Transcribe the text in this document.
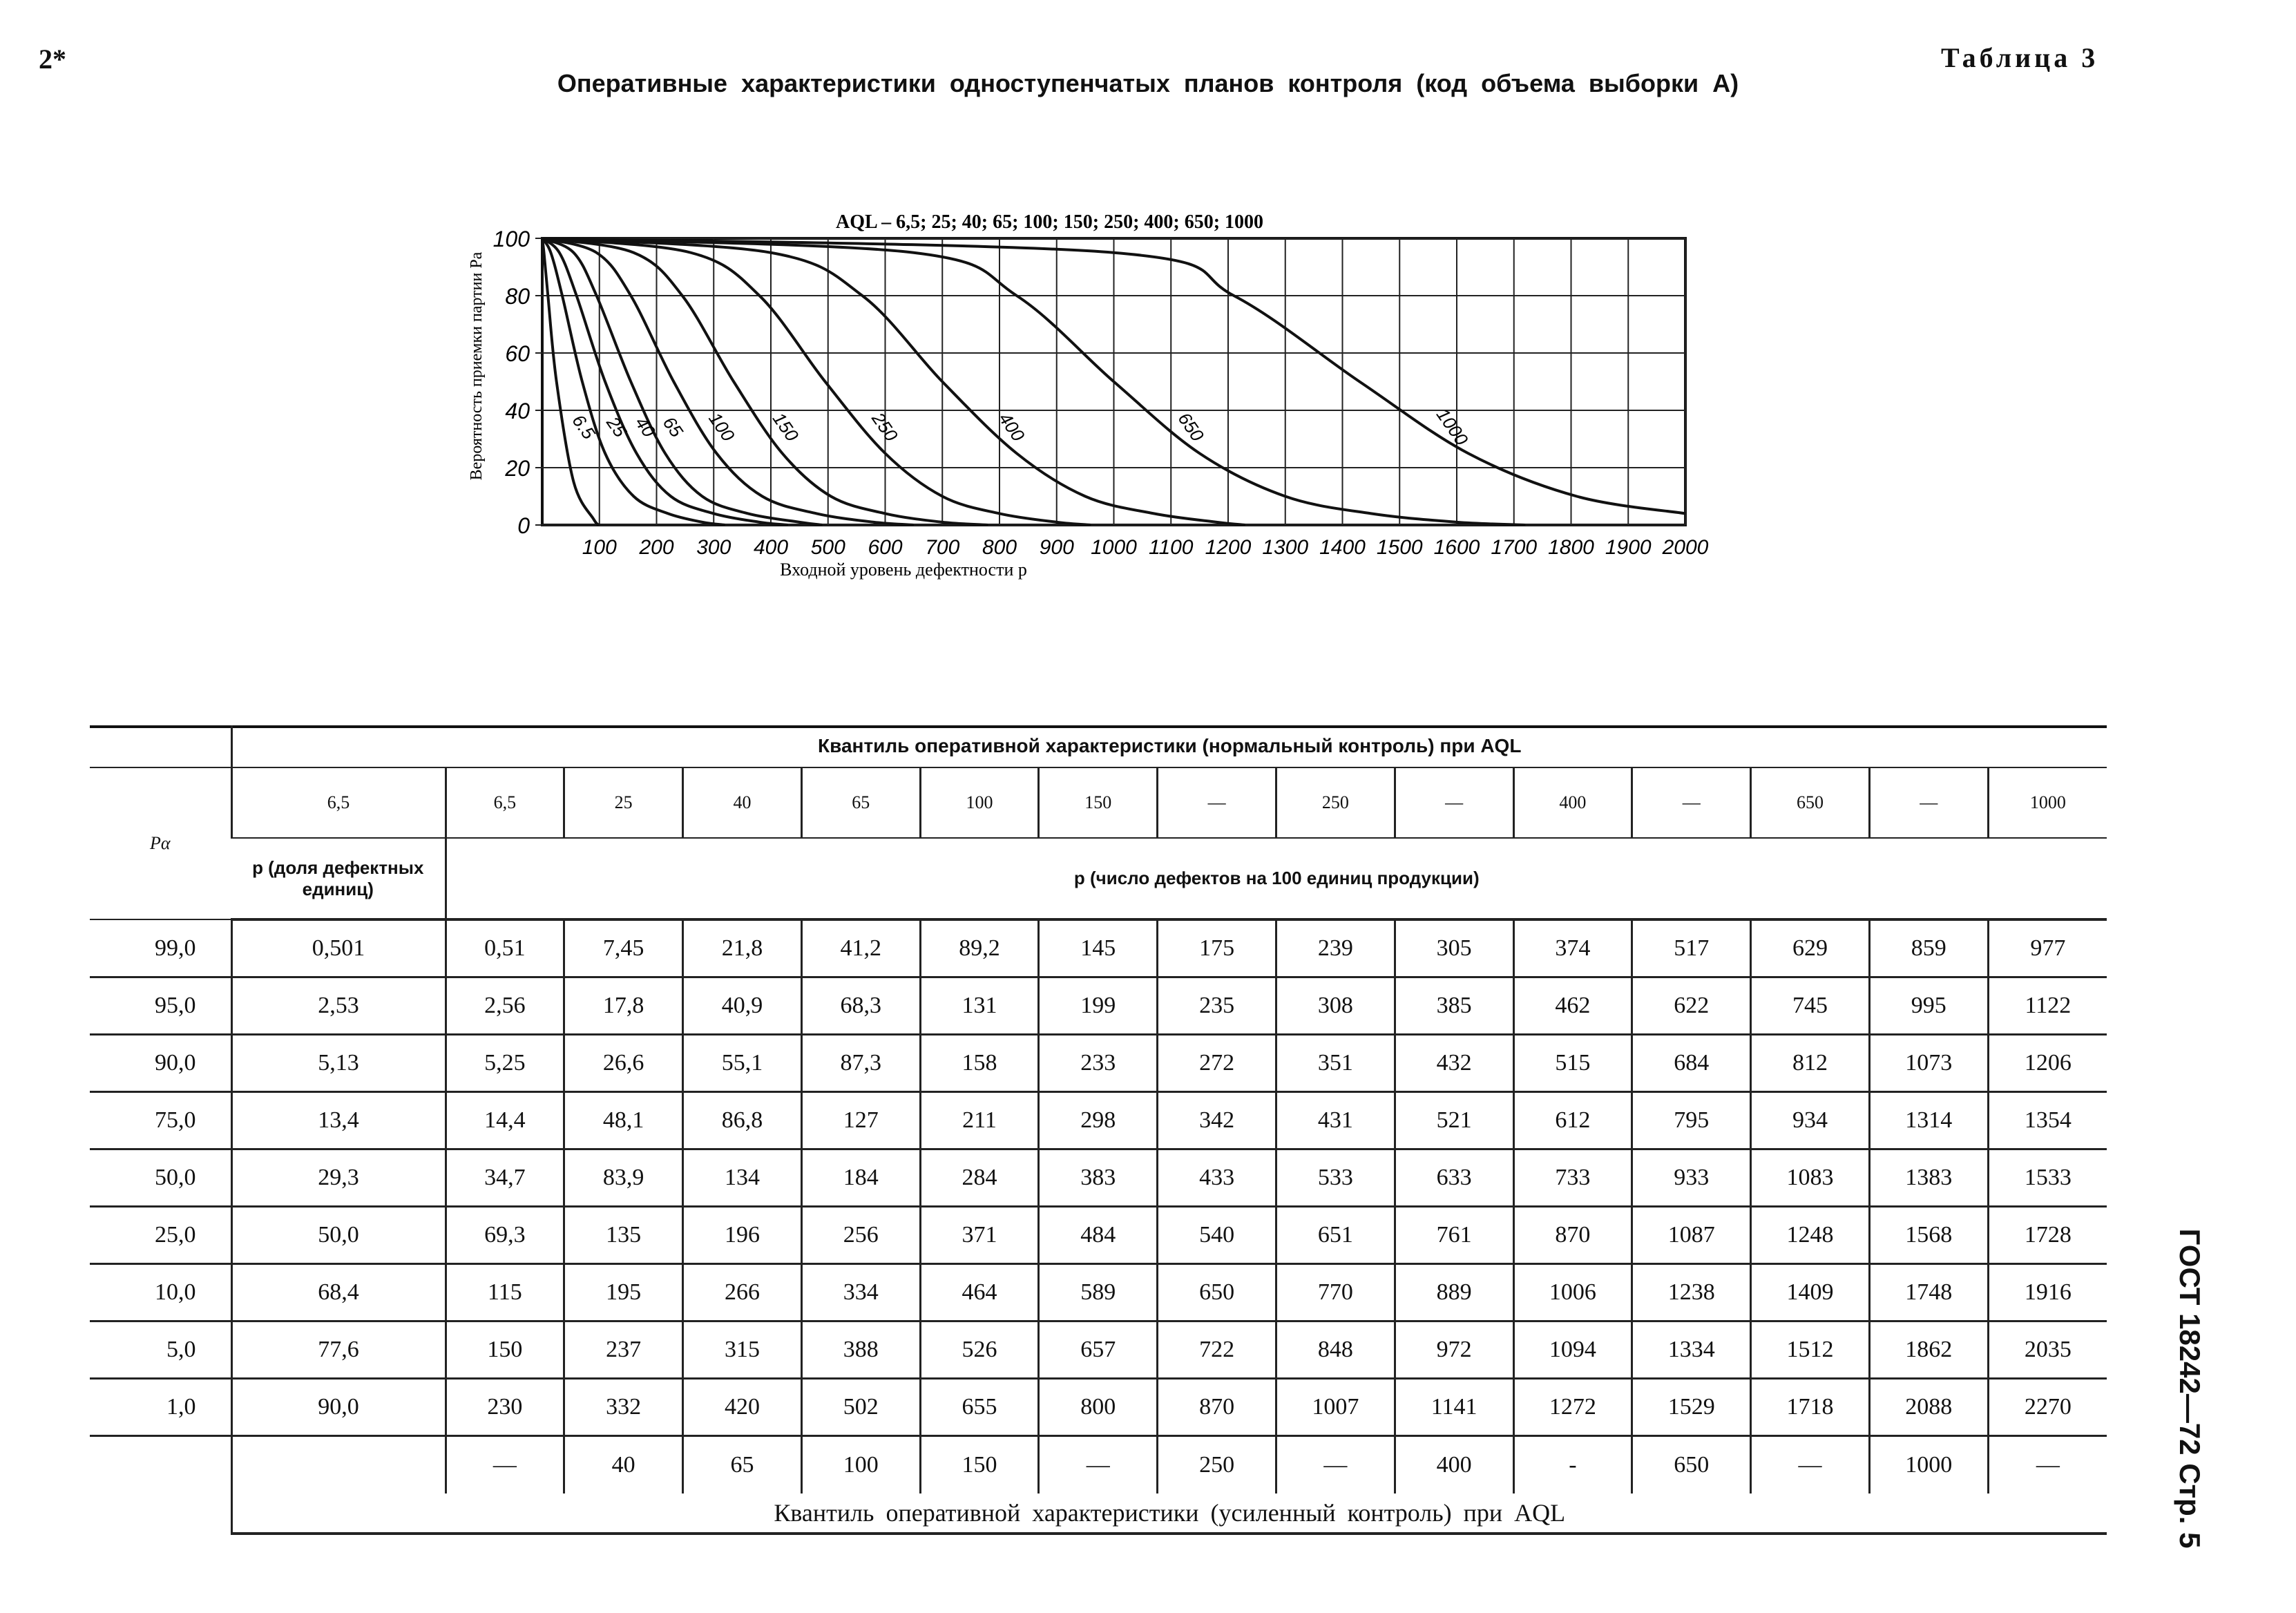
2*	Таблица 3
Оперативные характеристики одноступенчатых планов контроля (код объема выборки A)
100 200 300 400 500 600 700 800 900 1000 1100 1200 1300 1400 1500 1600 1700 1800 1900 2000
0
20
40
60
80
100
AQL – 6,5; 25; 40; 65; 100; 150; 250; 400; 650; 1000
Входной уровень дефектности p
Вероятность приемки партии Pa	6.5 25 40
65 100 150	250	400	650	1000
	Квантиль оперативной характеристики (нормальный контроль) при AQL														
Pα	6,5	6,5	25	40	65	100	150	—	250	—	400	—	650	—	1000
	p (доля дефектных единиц)	p (число дефектов на 100 единиц продукции)													
99,0	0,501	0,51	7,45	21,8	41,2	89,2	145	175	239	305	374	517	629	859	977
95,0	2,53	2,56	17,8	40,9	68,3	131	199	235	308	385	462	622	745	995	1122
90,0	5,13	5,25	26,6	55,1	87,3	158	233	272	351	432	515	684	812	1073	1206
75,0	13,4	14,4	48,1	86,8	127	211	298	342	431	521	612	795	934	1314	1354
50,0	29,3	34,7	83,9	134	184	284	383	433	533	633	733	933	1083	1383	1533
25,0	50,0	69,3	135	196	256	371	484	540	651	761	870	1087	1248	1568	1728
10,0	68,4	115	195	266	334	464	589	650	770	889	1006	1238	1409	1748	1916
5,0	77,6	150	237	315	388	526	657	722	848	972	1094	1334	1512	1862	2035
1,0	90,0	230	332	420	502	655	800	870	1007	1141	1272	1529	1718	2088	2270
		—	40	65	100	150	—	250	—	400	-	650	—	1000	—
	Квантиль оперативной характеристики (усиленный контроль) при AQL															ГОСТ 18242—72 Стр. 5
